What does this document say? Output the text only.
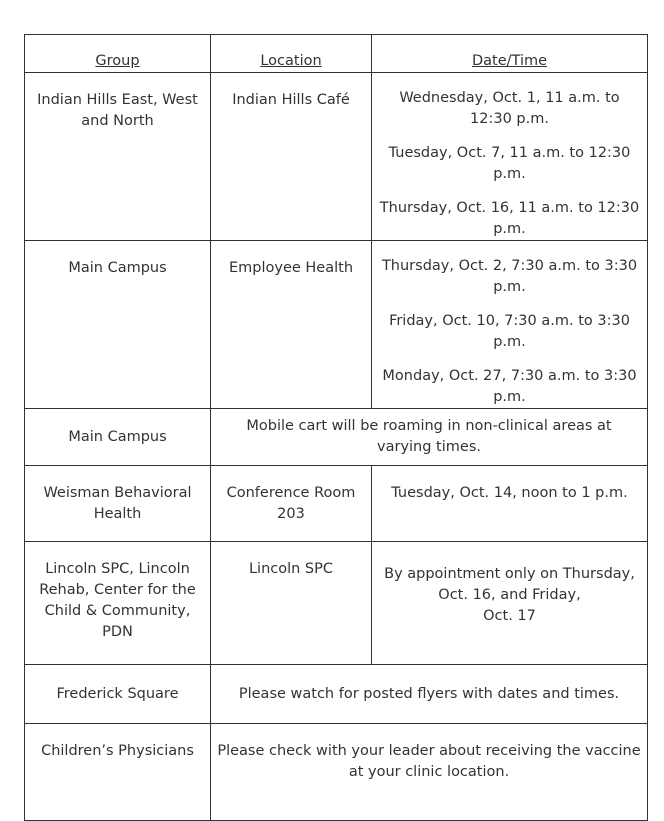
Group	Location	Date/Time
Indian Hills East, West and North	Indian Hills Café	Wednesday, Oct. 1, 11 a.m. to 12:30 p.m.
Tuesday, Oct. 7, 11 a.m. to 12:30 p.m.
Thursday, Oct. 16, 11 a.m. to 12:30 p.m.

Main Campus	Employee Health	Thursday, Oct. 2, 7:30 a.m. to 3:30 p.m.
Friday, Oct. 10, 7:30 a.m. to 3:30 p.m.
Monday, Oct. 27, 7:30 a.m. to 3:30 p.m.

Main Campus	Mobile cart will be roaming in non-clinical areas at varying times.	
Weisman Behavioral Health	Conference Room 203	Tuesday, Oct. 14, noon to 1 p.m.
Lincoln SPC, Lincoln Rehab, Center for the Child & Community, PDN	Lincoln SPC	By appointment only on Thursday, Oct. 16, and Friday,
Oct. 17

Frederick Square	Please watch for posted flyers with dates and times.	
Children’s Physicians	Please check with your leader about receiving the vaccine at your clinic location.	
